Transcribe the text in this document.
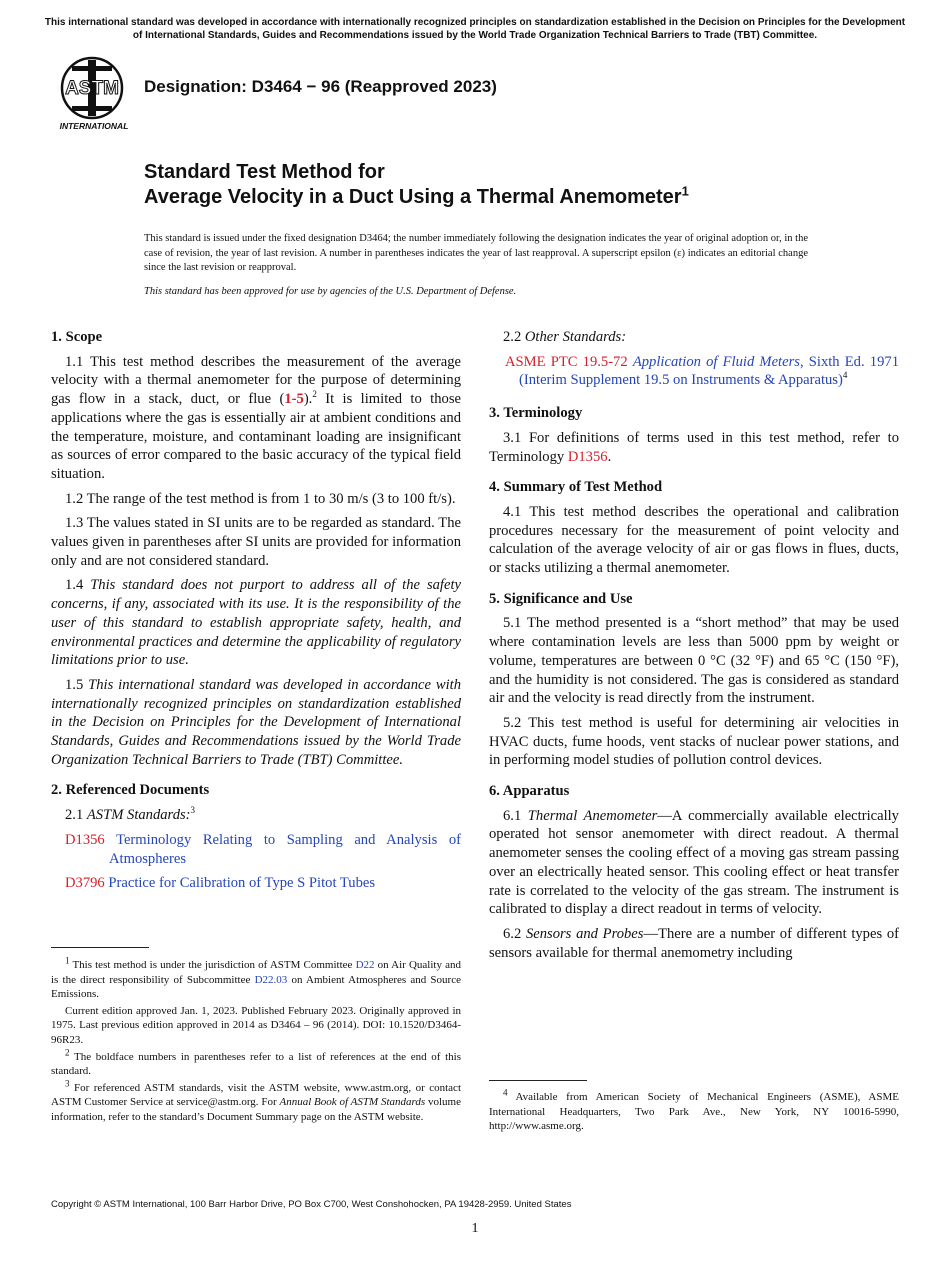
This international standard was developed in accordance with internationally recognized principles on standardization established in the Decision on Principles for the Development of International Standards, Guides and Recommendations issued by the World Trade Organization Technical Barriers to Trade (TBT) Committee.
ASTM
INTERNATIONAL
Designation: D3464 − 96 (Reapproved 2023)
Standard Test Method for
Average Velocity in a Duct Using a Thermal Anemometer$^1$

This standard is issued under the fixed designation D3464; the number immediately following the designation indicates the year of original adoption or, in the case of revision, the year of last revision. A number in parentheses indicates the year of last reapproval. A superscript epsilon (ε) indicates an editorial change since the last revision or reapproval.

This standard has been approved for use by agencies of the U.S. Department of Defense.

1. Scope

1.1 This test method describes the measurement of the average velocity with a thermal anemometer for the purpose of determining gas flow in a stack, duct, or flue (1-5).$^2$ It is limited to those applications where the gas is essentially air at ambient conditions and the temperature, moisture, and contaminant loading are insignificant as sources of error compared to the basic accuracy of the typical field situation.

1.2 The range of the test method is from 1 to 30 m/s (3 to 100 ft/s).

1.3 The values stated in SI units are to be regarded as standard. The values given in parentheses after SI units are provided for information only and are not considered standard.

1.4 This standard does not purport to address all of the safety concerns, if any, associated with its use. It is the responsibility of the user of this standard to establish appropriate safety, health, and environmental practices and determine the applicability of regulatory limitations prior to use.

1.5 This international standard was developed in accordance with internationally recognized principles on standardization established in the Decision on Principles for the Development of International Standards, Guides and Recommendations issued by the World Trade Organization Technical Barriers to Trade (TBT) Committee.

2. Referenced Documents

2.1 ASTM Standards:$^3$

D1356 Terminology Relating to Sampling and Analysis of Atmospheres

D3796 Practice for Calibration of Type S Pitot Tubes

$^1$ This test method is under the jurisdiction of ASTM Committee D22 on Air Quality and is the direct responsibility of Subcommittee D22.03 on Ambient Atmospheres and Source Emissions.

Current edition approved Jan. 1, 2023. Published February 2023. Originally approved in 1975. Last previous edition approved in 2014 as D3464 – 96 (2014). DOI: 10.1520/D3464-96R23.

$^2$ The boldface numbers in parentheses refer to a list of references at the end of this standard.

$^3$ For referenced ASTM standards, visit the ASTM website, www.astm.org, or contact ASTM Customer Service at service@astm.org. For Annual Book of ASTM Standards volume information, refer to the standard’s Document Summary page on the ASTM website.

2.2 Other Standards:

ASME PTC 19.5-72 Application of Fluid Meters, Sixth Ed. 1971 (Interim Supplement 19.5 on Instruments & Apparatus)$^4$

3. Terminology

3.1 For definitions of terms used in this test method, refer to Terminology D1356.

4. Summary of Test Method

4.1 This test method describes the operational and calibration procedures necessary for the measurement of point velocity and calculation of the average velocity of air or gas flows in flues, ducts, or stacks utilizing a thermal anemometer.

5. Significance and Use

5.1 The method presented is a “short method” that may be used where contamination levels are less than 5000 ppm by weight or volume, temperatures are between 0 °C (32 °F) and 65 °C (150 °F), and the humidity is not considered. The gas is considered as standard air and the velocity is read directly from the instrument.

5.2 This test method is useful for determining air velocities in HVAC ducts, fume hoods, vent stacks of nuclear power stations, and in performing model studies of pollution control devices.

6. Apparatus

6.1 Thermal Anemometer—A commercially available electrically operated hot sensor anemometer with direct readout. A thermal anemometer senses the cooling effect of a moving gas stream passing over an electrically heated sensor. This cooling effect or heat transfer rate is correlated to the velocity of the gas stream. The instrument is calibrated to display a direct readout in terms of velocity.

6.2 Sensors and Probes—There are a number of different types of sensors available for thermal anemometry including

$^4$ Available from American Society of Mechanical Engineers (ASME), ASME International Headquarters, Two Park Ave., New York, NY 10016-5990, http://www.asme.org.

Copyright © ASTM International, 100 Barr Harbor Drive, PO Box C700, West Conshohocken, PA 19428-2959. United States
1
